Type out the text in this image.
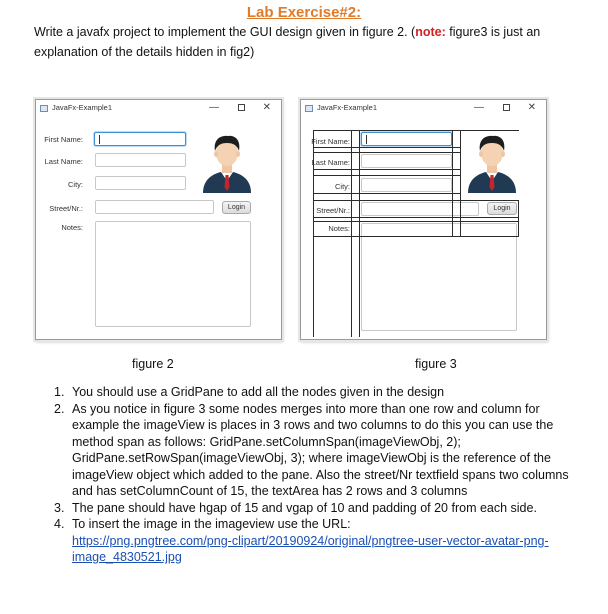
Lab Exercise#2:
Write a javafx project to implement the GUI design given in figure 2. (note: figure3 is just an explanation of the details hidden in fig2)
JavaFx-Example1	—	✕
First Name:
Last Name:
City:
Street/Nr.:	Login
Notes:
JavaFx-Example1	—	✕
Login
First Name:
Last Name:
City:
Street/Nr.:
Notes:
figure 2	figure 3
1. You should use a GridPane to add all the nodes given in the design
2. As you notice in figure 3 some nodes merges into more than one row and column for example the imageView is places in 3 rows and two columns to do this you can use the method span as follows: GridPane.setColumnSpan(imageViewObj, 2); GridPane.setRowSpan(imageViewObj, 3); where imageViewObj is the reference of the imageView object which added to the pane. Also the street/Nr textfield spans two columns and has setColumnCount of 15, the textArea has 2 rows and 3 columns
3. The pane should have hgap of 15 and vgap of 10 and padding of 20 from each side.
4. To insert the image in the imageview use the URL:
https://png.pngtree.com/png-clipart/20190924/original/pngtree-user-vector-avatar-png-image_4830521.jpg
